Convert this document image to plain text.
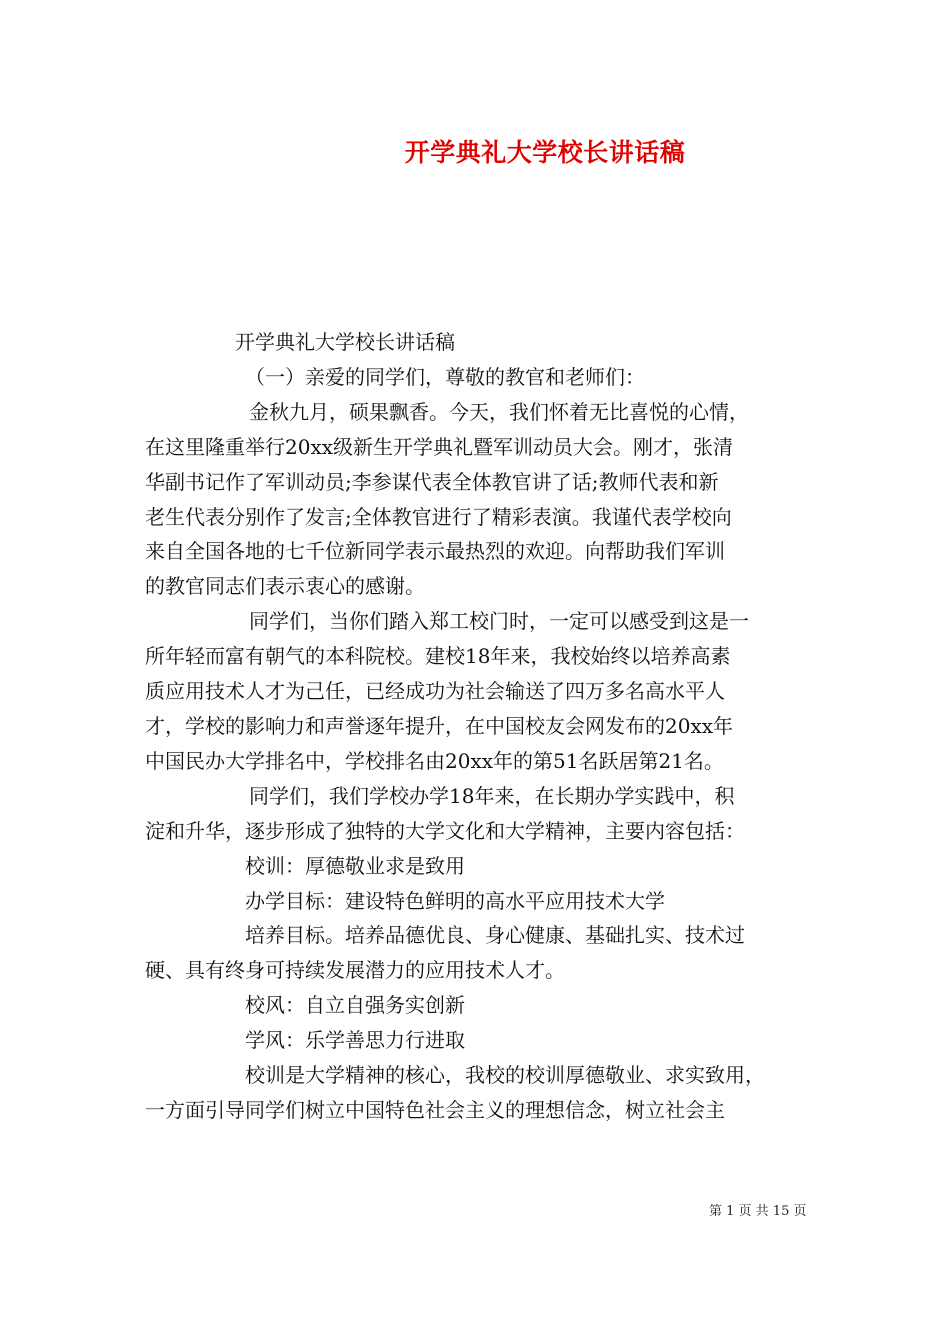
开学典礼大学校长讲话稿

开学典礼大学校长讲话稿

（一）亲爱的同学们，尊敬的教官和老师们：

金秋九月，硕果飘香。今天，我们怀着无比喜悦的心情，

在这里隆重举行20xx级新生开学典礼暨军训动员大会。刚才，张清

华副书记作了军训动员;李参谋代表全体教官讲了话;教师代表和新

老生代表分别作了发言;全体教官进行了精彩表演。我谨代表学校向

来自全国各地的七千位新同学表示最热烈的欢迎。向帮助我们军训

的教官同志们表示衷心的感谢。

同学们，当你们踏入郑工校门时，一定可以感受到这是一

所年轻而富有朝气的本科院校。建校18年来，我校始终以培养高素

质应用技术人才为己任，已经成功为社会输送了四万多名高水平人

才，学校的影响力和声誉逐年提升，在中国校友会网发布的20xx年

中国民办大学排名中，学校排名由20xx年的第51名跃居第21名。

同学们，我们学校办学18年来，在长期办学实践中，积

淀和升华，逐步形成了独特的大学文化和大学精神，主要内容包括：

校训：厚德敬业求是致用

办学目标：建设特色鲜明的高水平应用技术大学

培养目标。培养品德优良、身心健康、基础扎实、技术过

硬、具有终身可持续发展潜力的应用技术人才。

校风：自立自强务实创新

学风：乐学善思力行进取

校训是大学精神的核心，我校的校训厚德敬业、求实致用，

一方面引导同学们树立中国特色社会主义的理想信念，树立社会主

第 1 页 共 15 页
